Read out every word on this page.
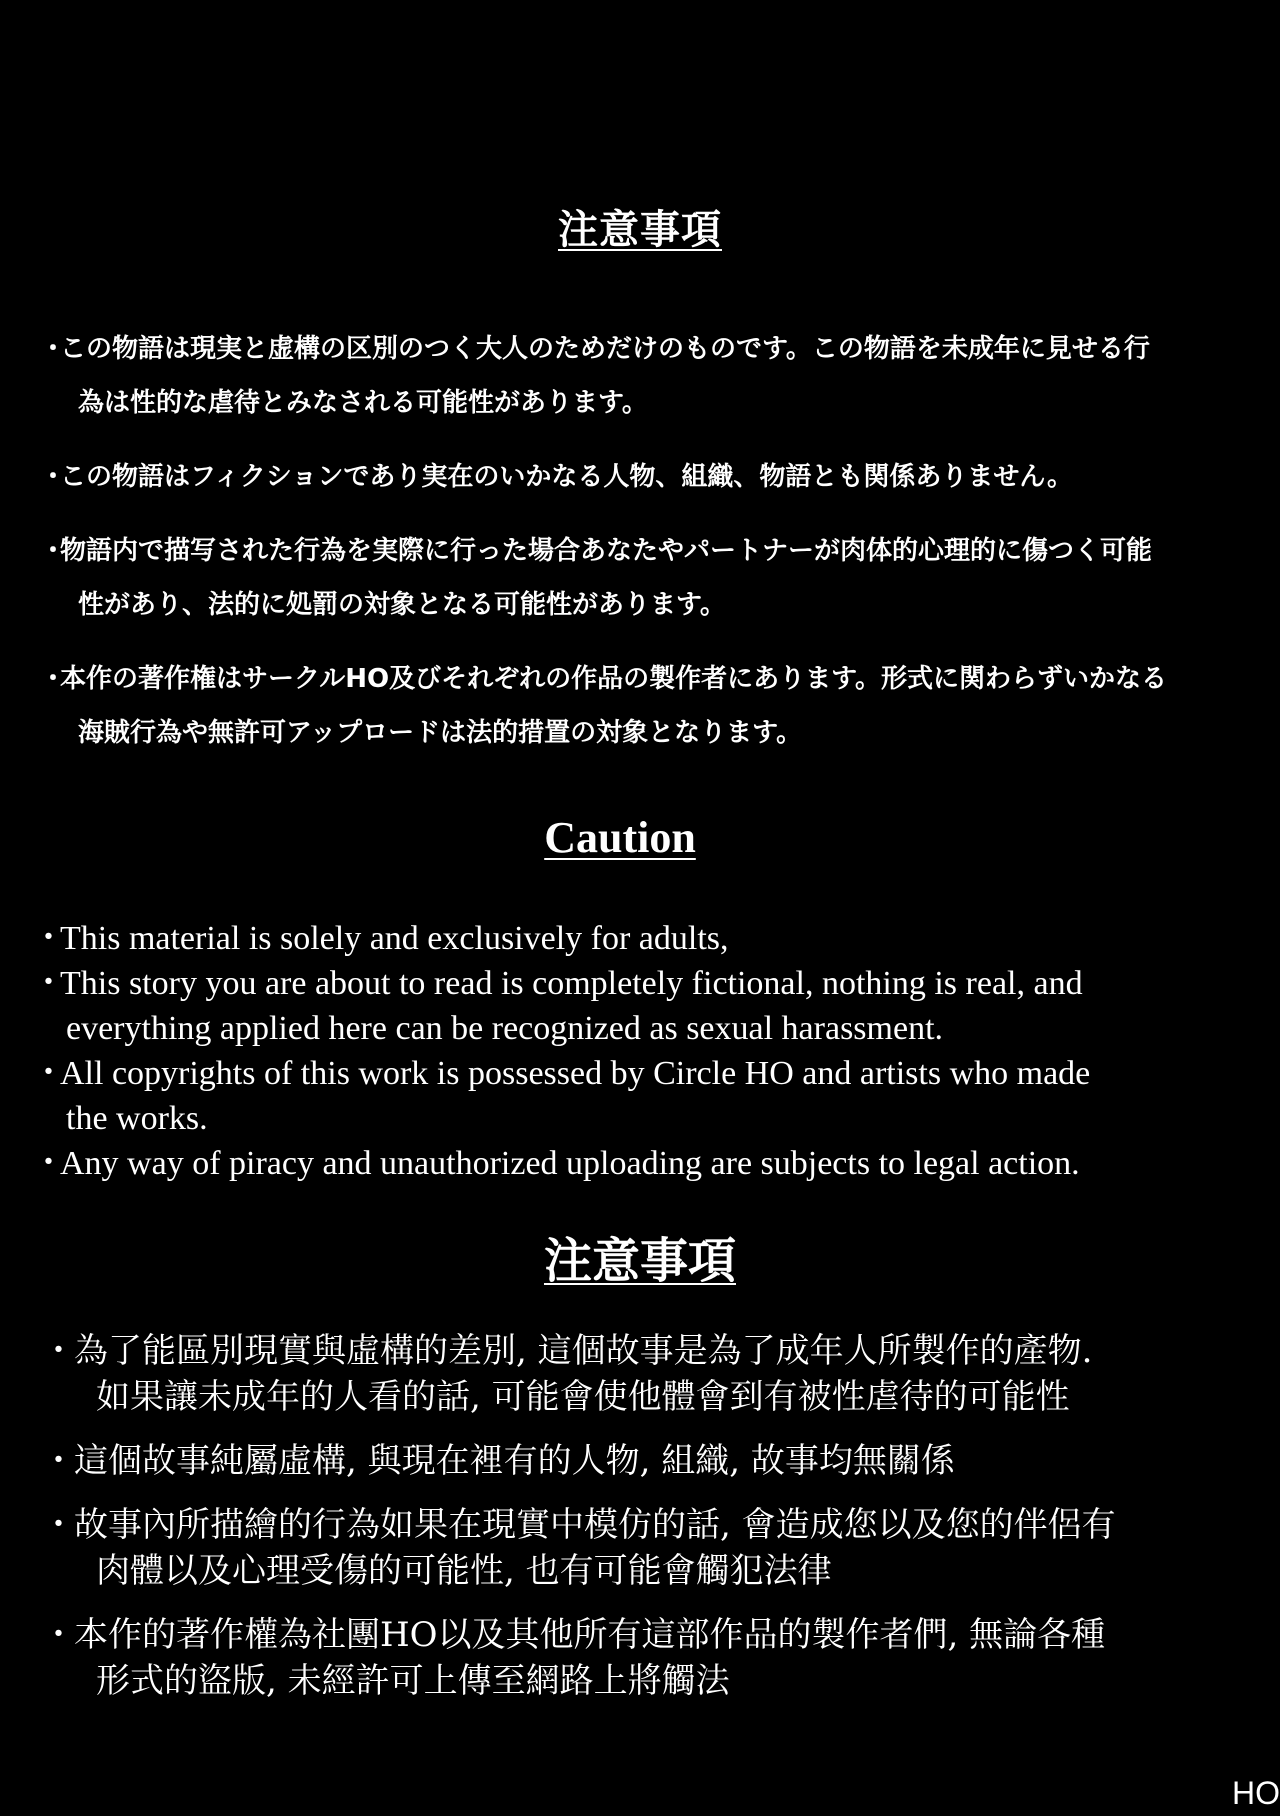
注意事項
・
この物語は現実と虚構の区別のつく大人のためだけのものです。この物語を未成年に見せる行
為は性的な虐待とみなされる可能性があります。
・
この物語はフィクションであり実在のいかなる人物、組織、物語とも関係ありません。
・
物語内で描写された行為を実際に行った場合あなたやパートナーが肉体的心理的に傷つく可能
性があり、法的に処罰の対象となる可能性があります。
・
本作の著作権はサークルHO及びそれぞれの作品の製作者にあります。形式に関わらずいかなる
海賊行為や無許可アップロードは法的措置の対象となります。
Caution
･ This material is solely and exclusively for adults,
･ This story you are about to read is completely fictional, nothing is real, and
everything applied here can be recognized as sexual harassment.
･ All copyrights of this work is possessed by Circle HO and artists who made
the works.
･ Any way of piracy and unauthorized uploading are subjects to legal action.
注意事項
･ 為了能區別現實與虛構的差別, 這個故事是為了成年人所製作的產物.
如果讓未成年的人看的話, 可能會使他體會到有被性虐待的可能性
･ 這個故事純屬虛構, 與現在裡有的人物, 組織, 故事均無關係
･ 故事內所描繪的行為如果在現實中模仿的話, 會造成您以及您的伴侶有
肉體以及心理受傷的可能性, 也有可能會觸犯法律
･ 本作的著作權為社團HO以及其他所有這部作品的製作者們, 無論各種
形式的盜版, 未經許可上傳至網路上將觸法
HO
